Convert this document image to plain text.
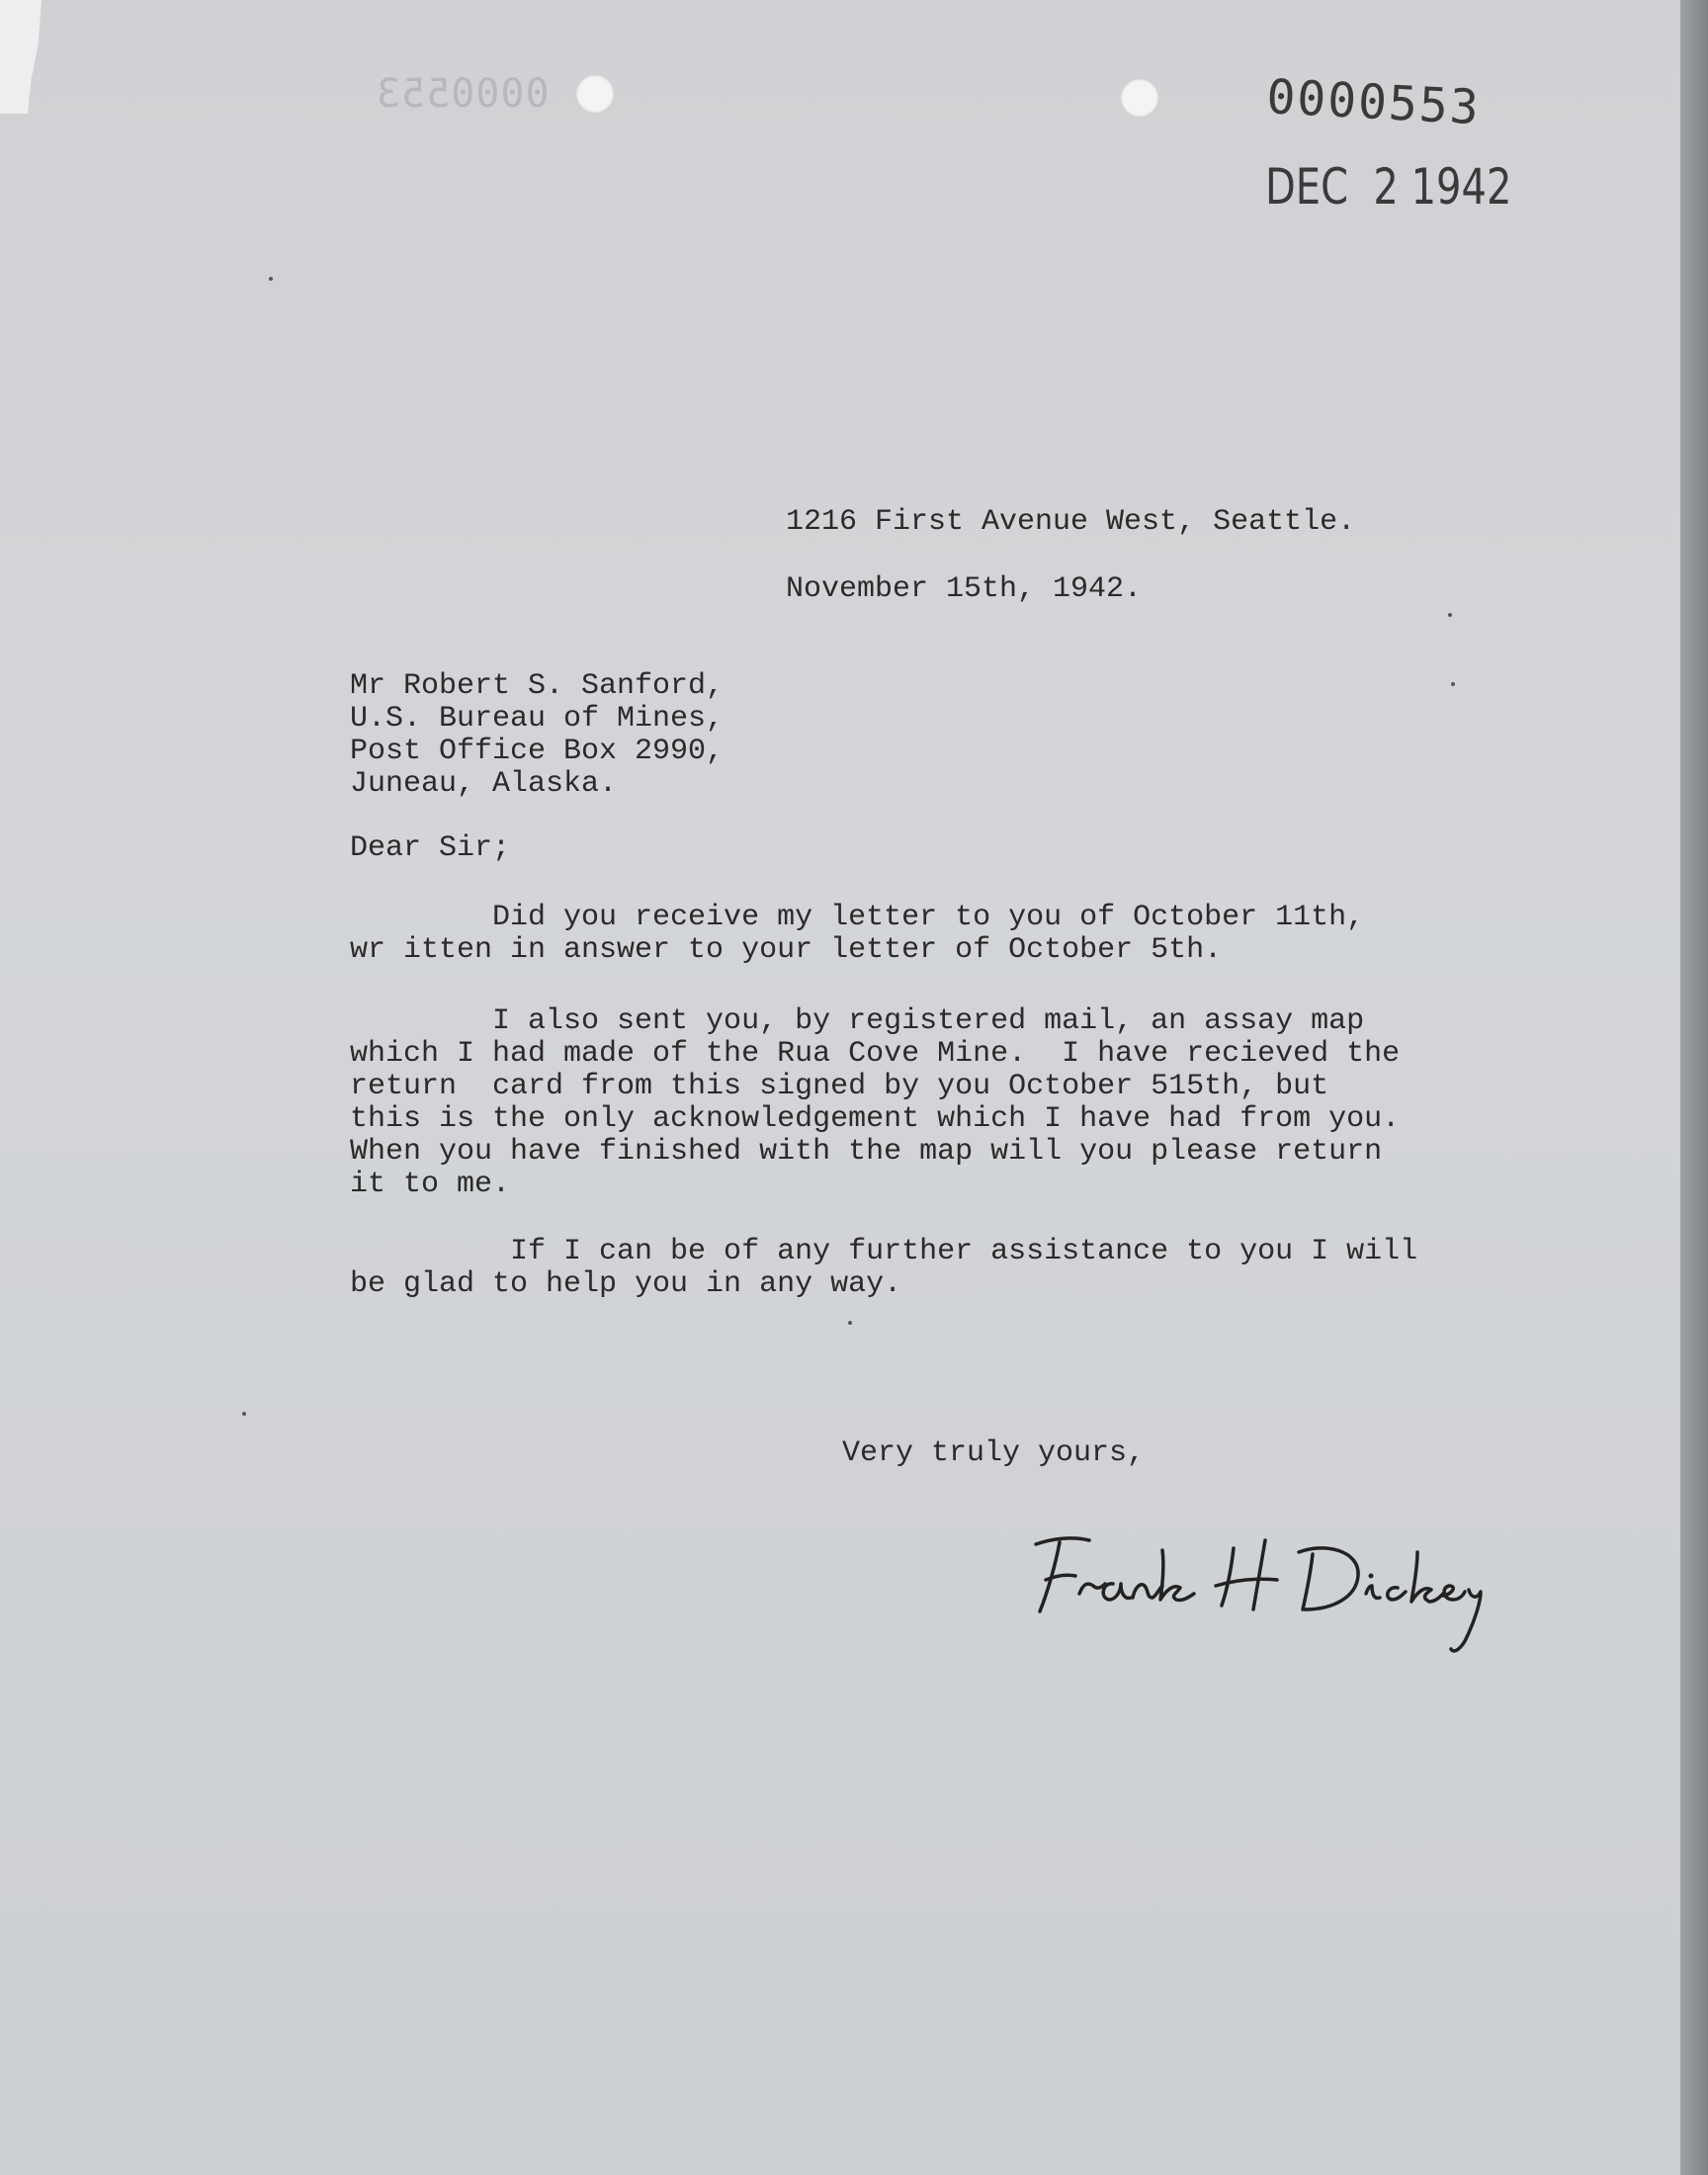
0000553	0000553
DEC  2 1942
1216 First Avenue West, Seattle.
November 15th, 1942.
Mr Robert S. Sanford,
U.S. Bureau of Mines,
Post Office Box 2990,
Juneau, Alaska.
Dear Sir;
Did you receive my letter to you of October 11th,
wr itten in answer to your letter of October 5th.
I also sent you, by registered mail, an assay map
which I had made of the Rua Cove Mine.  I have recieved the
return  card from this signed by you October 515th, but
this is the only acknowledgement which I have had from you.
When you have finished with the map will you please return
it to me.
If I can be of any further assistance to you I will
be glad to help you in any way.
Very truly yours,
